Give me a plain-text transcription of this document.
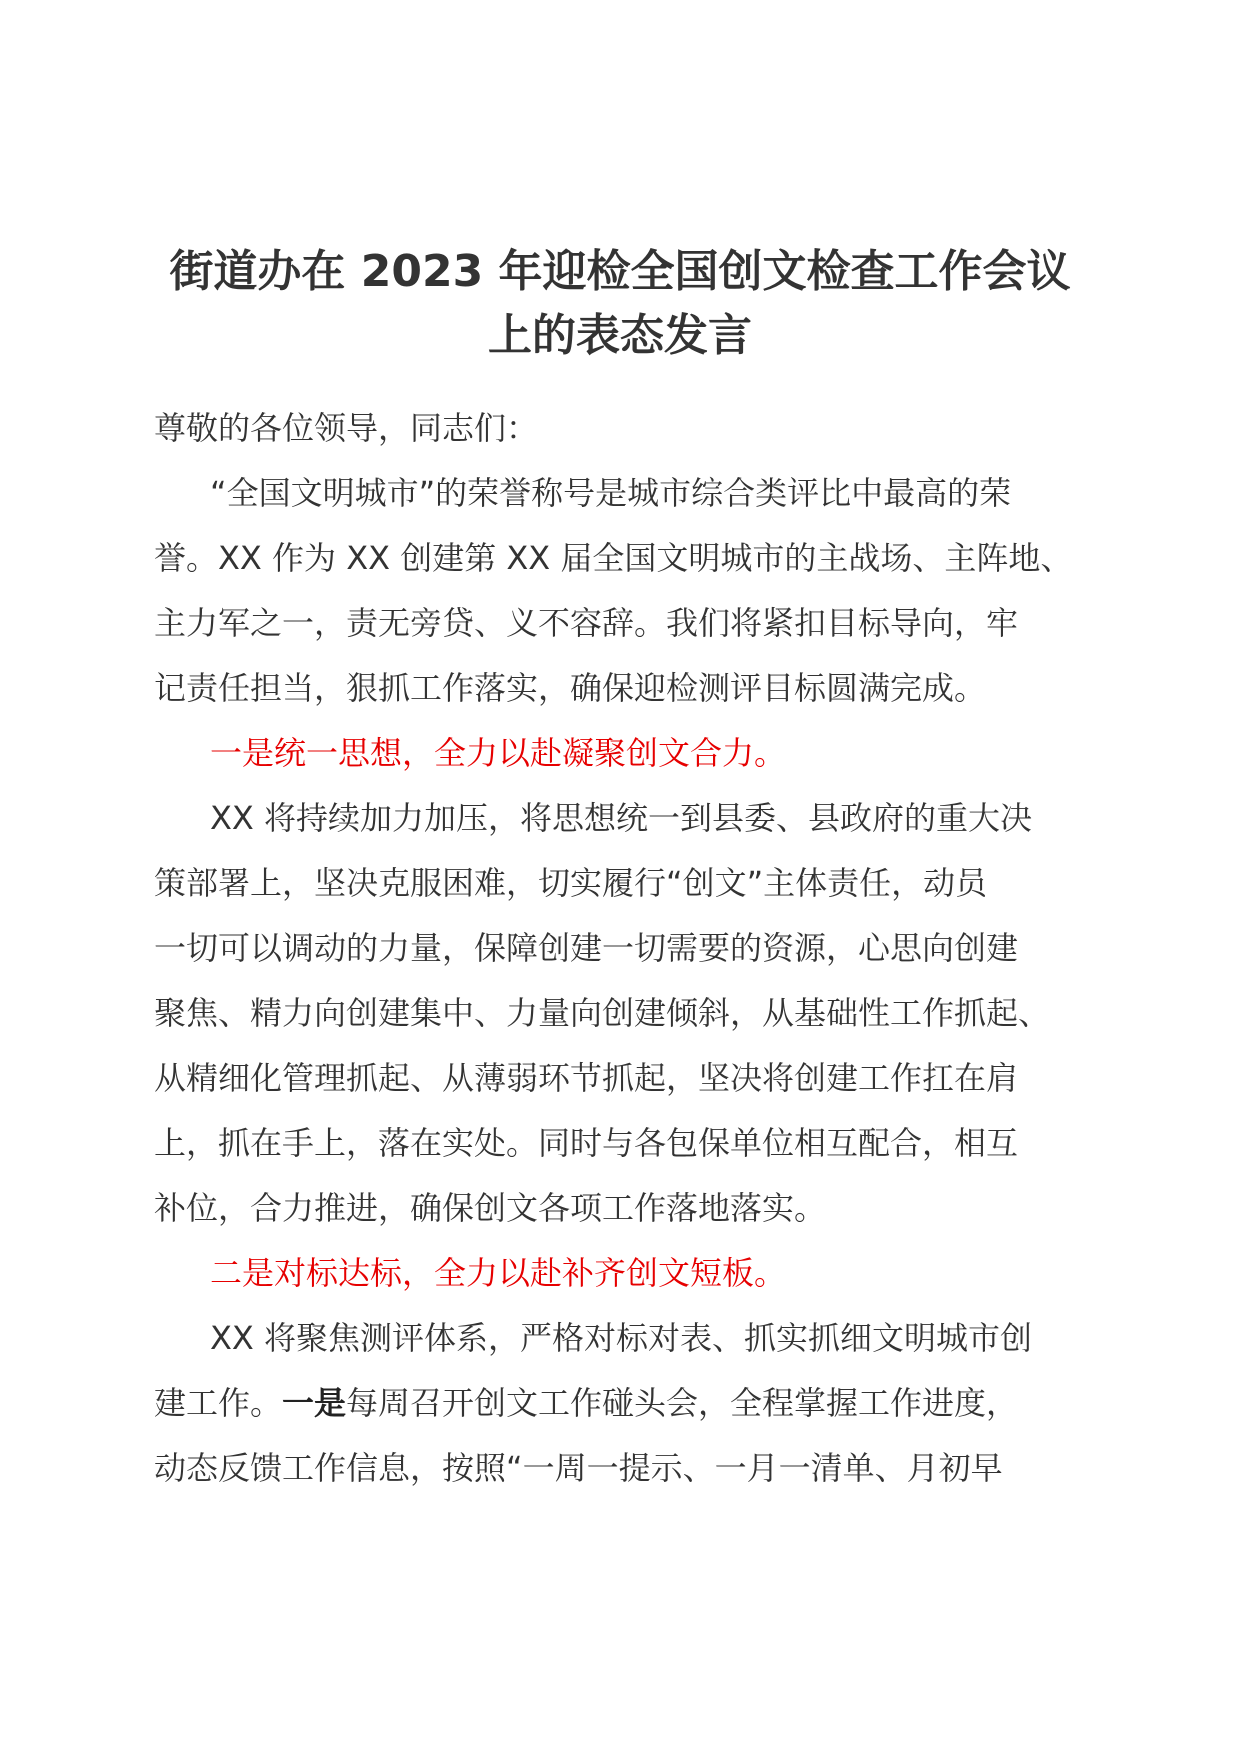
街道办在 2023 年迎检全国创文检查工作会议
上的表态发言
尊敬的各位领导，同志们：
“全国文明城市”的荣誉称号是城市综合类评比中最高的荣
誉。XX 作为 XX 创建第 XX 届全国文明城市的主战场、主阵地、
主力军之一，责无旁贷、义不容辞。我们将紧扣目标导向，牢
记责任担当，狠抓工作落实，确保迎检测评目标圆满完成。
一是统一思想，全力以赴凝聚创文合力。
XX 将持续加力加压，将思想统一到县委、县政府的重大决
策部署上，坚决克服困难，切实履行“创文”主体责任，动员
一切可以调动的力量，保障创建一切需要的资源，心思向创建
聚焦、精力向创建集中、力量向创建倾斜，从基础性工作抓起、
从精细化管理抓起、从薄弱环节抓起，坚决将创建工作扛在肩
上，抓在手上，落在实处。同时与各包保单位相互配合，相互
补位，合力推进，确保创文各项工作落地落实。
二是对标达标，全力以赴补齐创文短板。
XX 将聚焦测评体系，严格对标对表、抓实抓细文明城市创
建工作。一是每周召开创文工作碰头会，全程掌握工作进度，
动态反馈工作信息，按照“一周一提示、一月一清单、月初早
